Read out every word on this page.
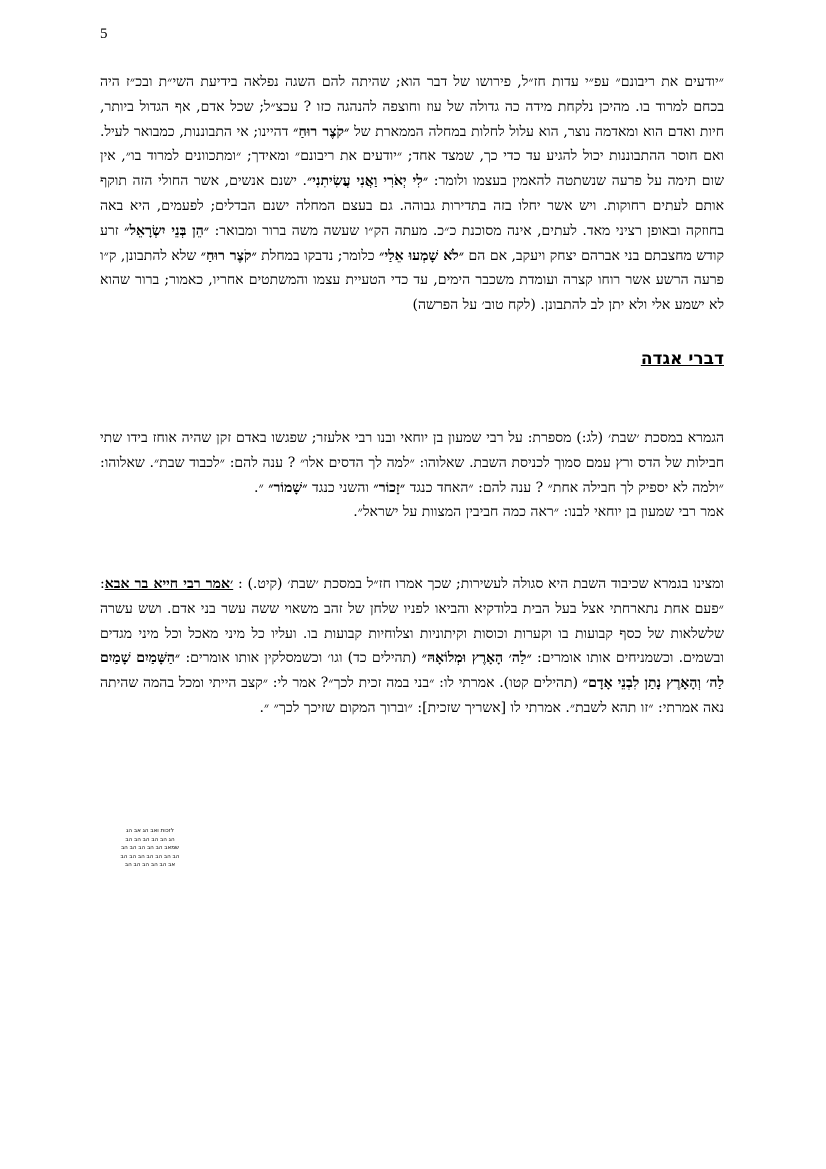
5

״יודעים את ריבונם״ עפ״י עדות חז״ל, פירושו של דבר הוא; שהיתה להם השגה נפלאה בידיעת השי״ת ובכ״ז היה בכחם למרוד בו. מהיכן נלקחת מידה כה גדולה של עוז וחוצפה להנהגה כזו ? עכצ״ל; שכל אדם, אף הגדול ביותר, חיות ואדם הוא ומאדמה נוצר, הוא עלול לחלות במחלה הממארת של ״קֹצֶר רוּחַ״ דהיינו; אי התבוננות, כמבואר לעיל. ואם חוסר ההתבוננות יכול להגיע עד כדי כך, שמצד אחד; ״יודעים את ריבונם״ ומאידך; ״ומתכוונים למרוד בו״, אין שום תימה על פרעה שנשתטה להאמין בעצמו ולומר: ״לִי יְאֹרִי וַאֲנִי עֲשִׂיתִנִי״. ישנם אנשים, אשר החולי הזה תוקף אותם לעתים רחוקות. ויש אשר יחלו בזה בתדירות גבוהה. גם בעצם המחלה ישנם הבדלים; לפעמים, היא באה בחוזקה ובאופן רציני מאד. לעתים, אינה מסוכנת כ״כ. מעתה הק״ו שעשה משה ברור ומבואר: ״הֵן בְּנֵי יִשְׂרָאֵל״ זרע קודש מחצבתם בני אברהם יצחק ויעקב, אם הם ״לֹא שָׁמְעוּ אֵלַי״ כלומר; נדבקו במחלת ״קֹצֶר רוּחַ״ שלא להתבונן, ק״ו פרעה הרשע אשר רוחו קצרה ועומדת משכבר הימים, עד כדי הטעיית עצמו והמשתטים אחריו, כאמור; ברור שהוא לא ישמע אלי ולא יתן לב להתבונן. (לקח טוב׳ על הפרשה)

דברי אגדה

הגמרא במסכת ׳שבת׳ (לג:) מספרת: על רבי שמעון בן יוחאי ובנו רבי אלעזר; שפגשו באדם זקן שהיה אוחז בידו שתי חבילות של הדס ורץ עמם סמוך לכניסת השבת. שאלוהו: ״למה לך הדסים אלו״ ? ענה להם: ״לכבוד שבת״. שאלוהו: ״ולמה לא יספיק לך חבילה אחת״ ? ענה להם: ״האחד כנגד ״זָכוֹר״ והשני כנגד ״שָׁמוֹר״ ״.

אמר רבי שמעון בן יוחאי לבנו: ״ראה כמה חביבין המצוות על ישראל״.

ומצינו בגמרא שכיבוד השבת היא סגולה לעשירות; שכך אמרו חז״ל במסכת ׳שבת׳ (קיט.) : ׳אמר רבי חייא בר אבא: ״פעם אחת נתארחתי אצל בעל הבית בלודקיא והביאו לפניו שלחן של זהב משאוי ששה עשר בני אדם. ושש עשרה שלשלאות של כסף קבועות בו וקערות וכוסות וקיתוניות וצלוחיות קבועות בו. ועליו כל מיני מאכל וכל מיני מגדים ובשמים. וכשמניחים אותו אומרים: ״לַה׳ הָאָרֶץ וּמְלוֹאָהּ״ (תהילים כד) וגו׳ וכשמסלקין אותו אומרים: ״הַשָּׁמַיִם שָׁמַיִם לַה׳ וְהָאָרֶץ נָתַן לִבְנֵי אָדָם״ (תהילים קטו). אמרתי לו: ״בני במה זכית לכך״? אמר לי: ״קצב הייתי ומכל בהמה שהיתה נאה אמרתי: ״זו תהא לשבת״. אמרתי לו [אשריך שזכית]: ״וברוך המקום שזיכך לכך״ ״.

לזכות ואב הג אב הג
הג הב הב הב הב הב
שמאב הב הב הב הב הב
הב הב הב הב הב הב הב
אב הב הב הב הב הב
